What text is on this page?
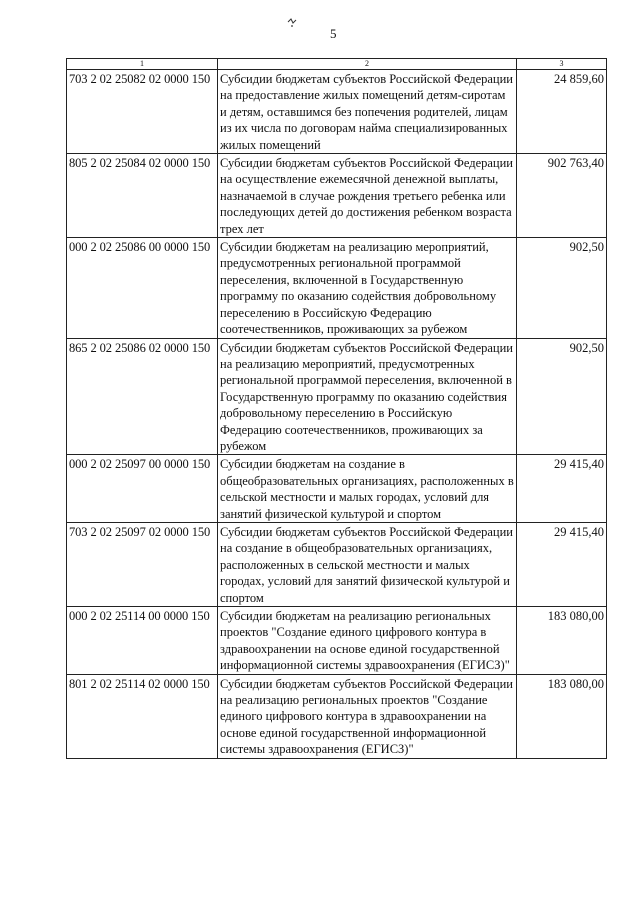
5
1	2	3
703 2 02 25082 02 0000 150	Субсидии бюджетам субъектов Российской Федерации на предоставление жилых помещений детям-сиротам и детям, оставшимся без попечения родителей, лицам из их числа по договорам найма специализированных жилых помещений	24 859,60
805 2 02 25084 02 0000 150	Субсидии бюджетам субъектов Российской Федерации на осуществление ежемесячной денежной выплаты, назначаемой в случае рождения третьего ребенка или последующих детей до достижения ребенком возраста трех лет	902 763,40
000 2 02 25086 00 0000 150	Субсидии бюджетам на реализацию мероприятий, предусмотренных региональной программой переселения, включенной в Государственную программу по оказанию содействия добровольному переселению в Российскую Федерацию соотечественников, проживающих за рубежом	902,50
865 2 02 25086 02 0000 150	Субсидии бюджетам субъектов Российской Федерации на реализацию мероприятий, предусмотренных региональной программой переселения, включенной в Государственную программу по оказанию содействия добровольному переселению в Российскую Федерацию соотечественников, проживающих за рубежом	902,50
000 2 02 25097 00 0000 150	Субсидии бюджетам на создание в общеобразовательных организациях, расположенных в сельской местности и малых городах, условий для занятий физической культурой и спортом	29 415,40
703 2 02 25097 02 0000 150	Субсидии бюджетам субъектов Российской Федерации на создание в общеобразовательных организациях, расположенных в сельской местности и малых городах, условий для занятий физической культурой и спортом	29 415,40
000 2 02 25114 00 0000 150	Субсидии бюджетам на реализацию региональных проектов "Создание единого цифрового контура в здравоохранении на основе единой государственной информационной системы здравоохранения (ЕГИСЗ)"	183 080,00
801 2 02 25114 02 0000 150	Субсидии бюджетам субъектов Российской Федерации на реализацию региональных проектов "Создание единого цифрового контура в здравоохранении на основе единой государственной информационной системы здравоохранения (ЕГИСЗ)"	183 080,00
